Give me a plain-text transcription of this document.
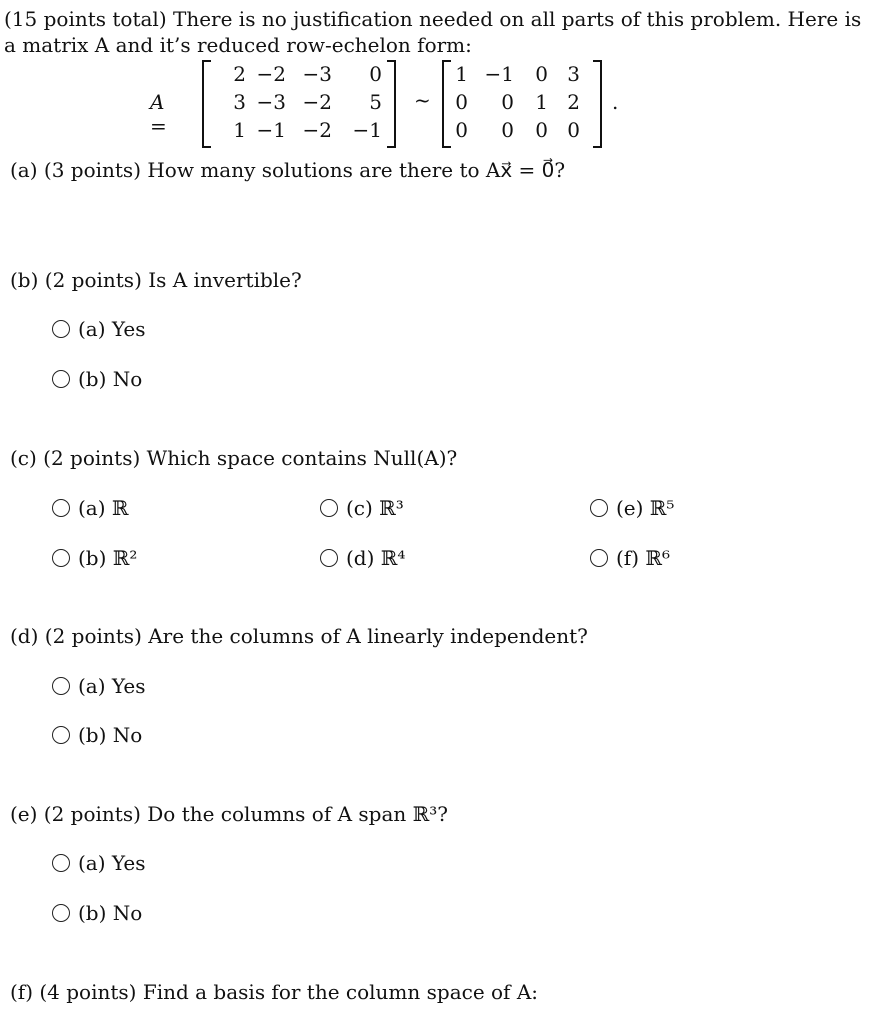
(15 points total) There is no justification needed on all parts of this problem. Here is a matrix A and it’s reduced row-echelon form:
A =
2 −2 −3	0
3 −3 −2	5
1 −1 −2	−1
~
1 −1	0 3
0	0	1 2
0	0	0 0
.
(a) (3 points) How many solutions are there to Ax⃗ = 0⃗?
(b) (2 points) Is A invertible?
(a) Yes
(b) No
(c) (2 points) Which space contains Null(A)?
(a) ℝ
(b) ℝ²
(c) ℝ³
(d) ℝ⁴
(e) ℝ⁵
(f) ℝ⁶
(d) (2 points) Are the columns of A linearly independent?
(a) Yes
(b) No
(e) (2 points) Do the columns of A span ℝ³?
(a) Yes
(b) No
(f) (4 points) Find a basis for the column space of A:
